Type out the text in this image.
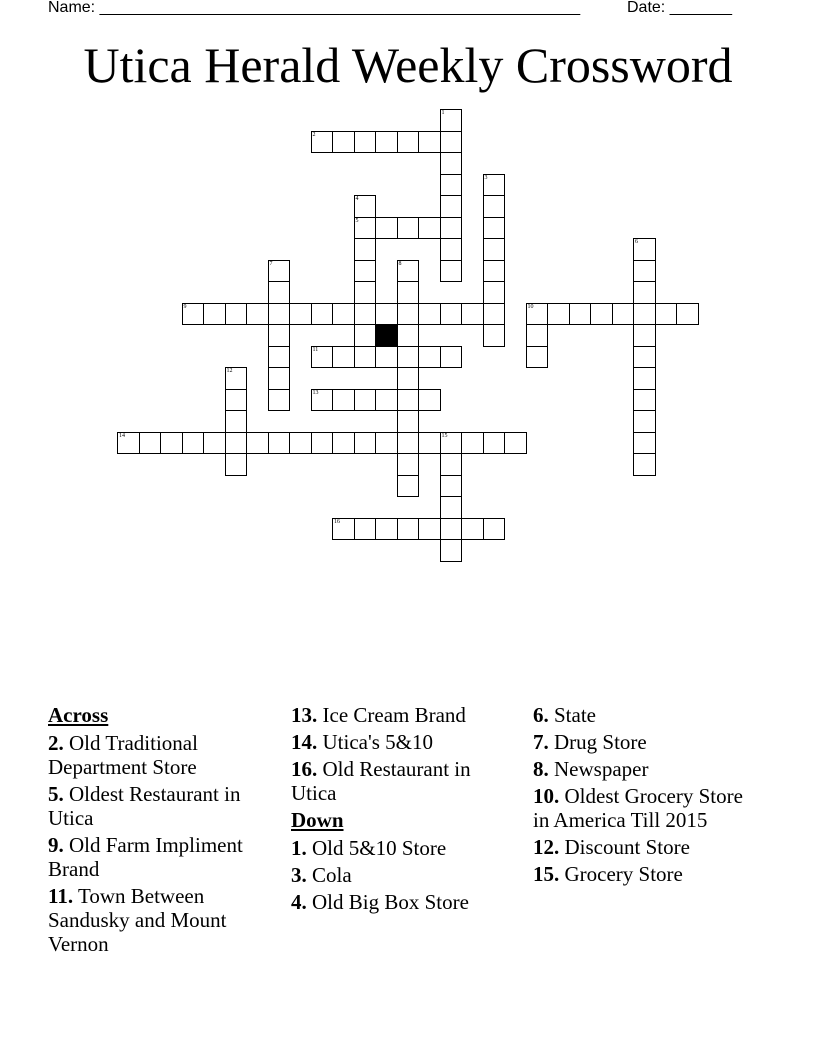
Name: ______________________________________________________	Date: _______
Utica Herald Weekly Crossword
1
2
3
4
5
6
7	8
9	10
11
12
13
14	15
16
Across
2. Old Traditional Department Store
5. Oldest Restaurant in Utica
9. Old Farm Impliment Brand
11. Town Between Sandusky and Mount Vernon
13. Ice Cream Brand
14. Utica's 5&10
16. Old Restaurant in Utica
Down
1. Old 5&10 Store
3. Cola
4. Old Big Box Store
6. State
7. Drug Store
8. Newspaper
10. Oldest Grocery Store in America Till 2015
12. Discount Store
15. Grocery Store
